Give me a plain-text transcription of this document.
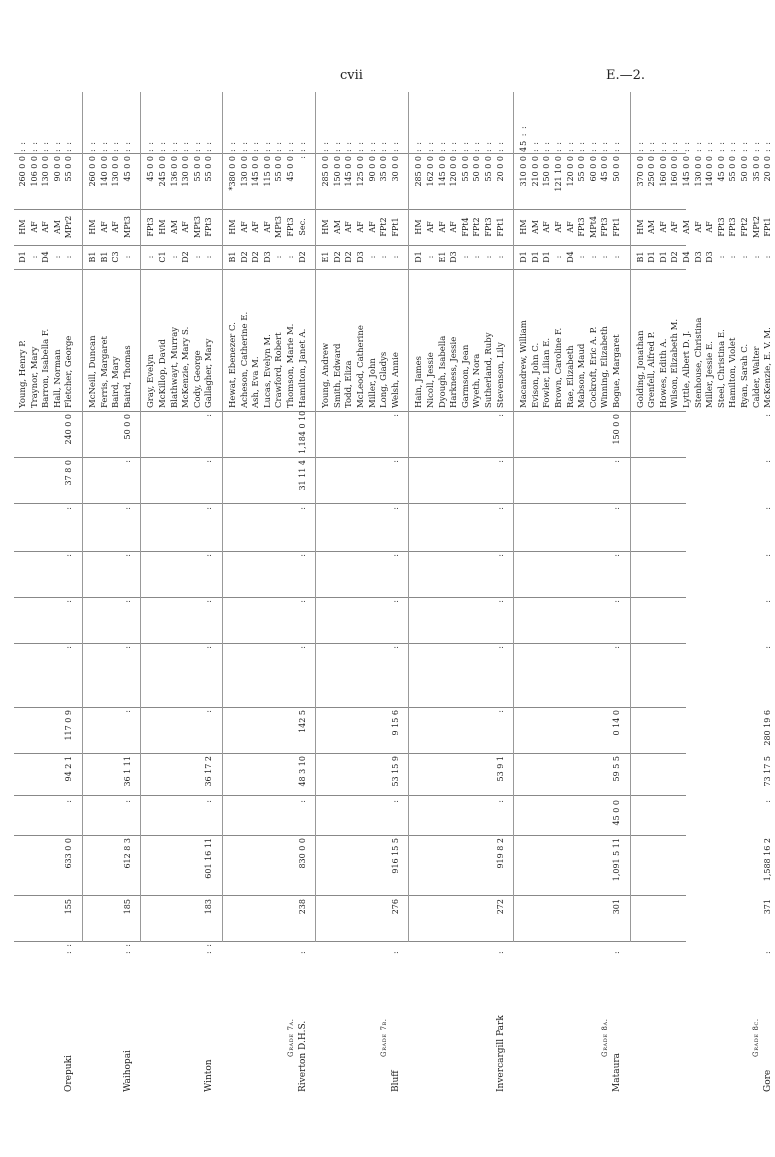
cvii	E.—2.
Orepuki
: :
155
633 0 0
:
94 2 1
117 0 9
:
:
:
:
37 8 0
240 0 0
Young, Henry P.
D1
HM
260 0 0
: :
Traynor, Mary
:
AF
106 0 0
: :
Barron, Isabella F.
D4
AF
130 0 0
: :
Hall, Norman
:
AM
90 0 0
: :
Fletcher, George
:
MPr2
55 0 0
: :
Waihopai
: :
185
612 8 3
:
36 1 11
:
:
:
:
:
:
50 0 0
McNeill, Duncan
B1
HM
260 0 0
: :
Ferris, Margaret
B1
AF
140 0 0
: :
Baird, Mary
C3
AF
130 0 0
: :
Baird, Thomas
:
MPt3
45 0 0
: :
Winton
: :
183
601 16 11
:
36 17 2
:
:
:
:
:
:
:
Gray, Evelyn
:
FPt3
45 0 0
: :
McKillop, David
C1
HM
245 0 0
: :
Blathwayt, Murray
:
AM
136 0 0
: :
McKenzie, Mary S.
D2
AF
130 0 0
: :
Cody, George
:
MPt3
55 0 0
: :
Gallagher, Mary
:
FPt3
55 0 0
: :
Riverton D.H.S.
Grade 7a.
:
238
830 0 0
:
48 3 10
142 5
:
:
:
:
31 11 4
1,184 0 10
Hewat, Ebenezer C.
B1
HM
*380 0 0
: :
Acheson, Catherine E.
D2
AF
130 0 0
: :
Ash, Eva M.
D2
AF
145 0 0
: :
Lucas, Evelyn M.
D3
AF
115 0 0
: :
Crawford, Robert
:
MPt3
55 0 0
: :
Thomson, Marie M.
:
FPt3
45 0 0
: :
Hamilton, Janet A.
D2
Sec.
:
: :
Bluff
Grade 7b.
:
276
916 15 5
:
53 15 9
9 15 6
:
:
:
:
:
:
Young, Andrew
E1
HM
285 0 0
: :
Smith, Edward
D2
AM
150 0 0
: :
Todd, Eliza
D2
AF
145 0 0
: :
McLeod, Catherine
D3
AF
125 0 0
: :
Miller, John
:
AF
90 0 0
: :
Long, Gladys
:
FPt2
35 0 0
: :
Welsh, Annie
:
FPt1
30 0 0
: :
Invercargill Park
:
272
919 8 2
:
53 9 1
:
:
:
:
:
:
:
Hain, James
D1
HM
285 0 0
: :
Nicoll, Jessie
:
AF
162 0 0
: :
Dyough, Isabella
E1
AF
145 0 0
: :
Harkness, Jessie
D3
AF
120 0 0
: :
Garmson, Jean
:
FPt4
55 0 0
: :
Wyeth, Nora
:
FPt2
50 0 0
: :
Sutherland, Ruby
:
FPt3
55 0 0
: :
Stevenson, Lily
:
FPt1
20 0 0
: :
Mataura
Grade 8a.
:
301
1,091 5 11
45 0 0
59 5 5
0 14 0
:
:
:
:
:
150 0 0
Macandrew, William
D1
HM
310 0 0
45 : :
Evison, John C.
D1
AM
210 0 0
: :
Fowler, Lilian E.
D1
AF
150 0 0
: :
Brown, Caroline F.
:
AF
121 10 0
: :
Rae, Elizabeth
D4
AF
120 0 0
: :
Mabson, Maud
:
FPt3
55 0 0
: :
Cockroft, Eric A. P.
:
MPt4
60 0 0
: :
Winning, Elizabeth
:
FPt3
45 0 0
: :
Bogue, Margaret
:
FPt1
50 0 0
: :
Gore
Grade 8c.
:
371
1,588 16 2
:
73 17 5
280 19 6
:
:
:
:
:
:
Golding, Jonathan
B1
HM
370 0 0
: :
Grenfell, Alfred P.
D1
AM
250 0 0
: :
Howes, Edith A.
D1
AF
160 0 0
: :
Wilson, Elizabeth M.
D2
AF
160 0 0
: :
Lyttle, Albert D. J.
D4
AM
145 0 0
: :
Stenhouse, Christina
D3
AF
130 0 0
: :
Miller, Jessie E.
D3
AF
140 0 0
: :
Steel, Christina E.
:
FPt3
45 0 0
: :
Hamilton, Violet
:
FPt3
55 0 0
: :
Ryan, Sarah C.
:
FPt2
50 0 0
: :
Calder, Walter
:
MPt2
35 0 0
: :
McKenzie, E. V. M.
:
FPt1
20 0 0
: :
